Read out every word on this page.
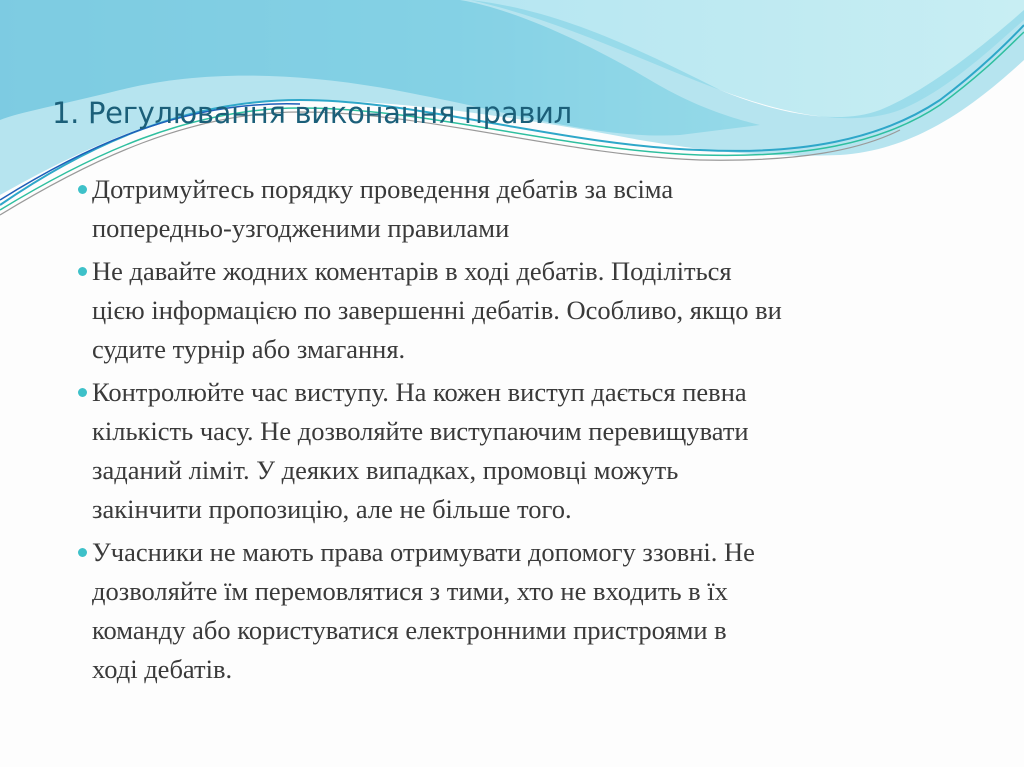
1. Регулювання виконання правил
Дотримуйтесь порядку проведення дебатів за всіма
попередньо-узгодженими правилами
Не давайте жодних коментарів в ході дебатів. Поділіться
цією інформацією по завершенні дебатів. Особливо, якщо ви
судите турнір або змагання.
Контролюйте час виступу. На кожен виступ дається певна
кількість часу. Не дозволяйте виступаючим перевищувати
заданий ліміт. У деяких випадках, промовці можуть
закінчити пропозицію, але не більше того.
Учасники не мають права отримувати допомогу ззовні. Не
дозволяйте їм перемовлятися з тими, хто не входить в їх
команду або користуватися електронними пристроями в
ході дебатів.
